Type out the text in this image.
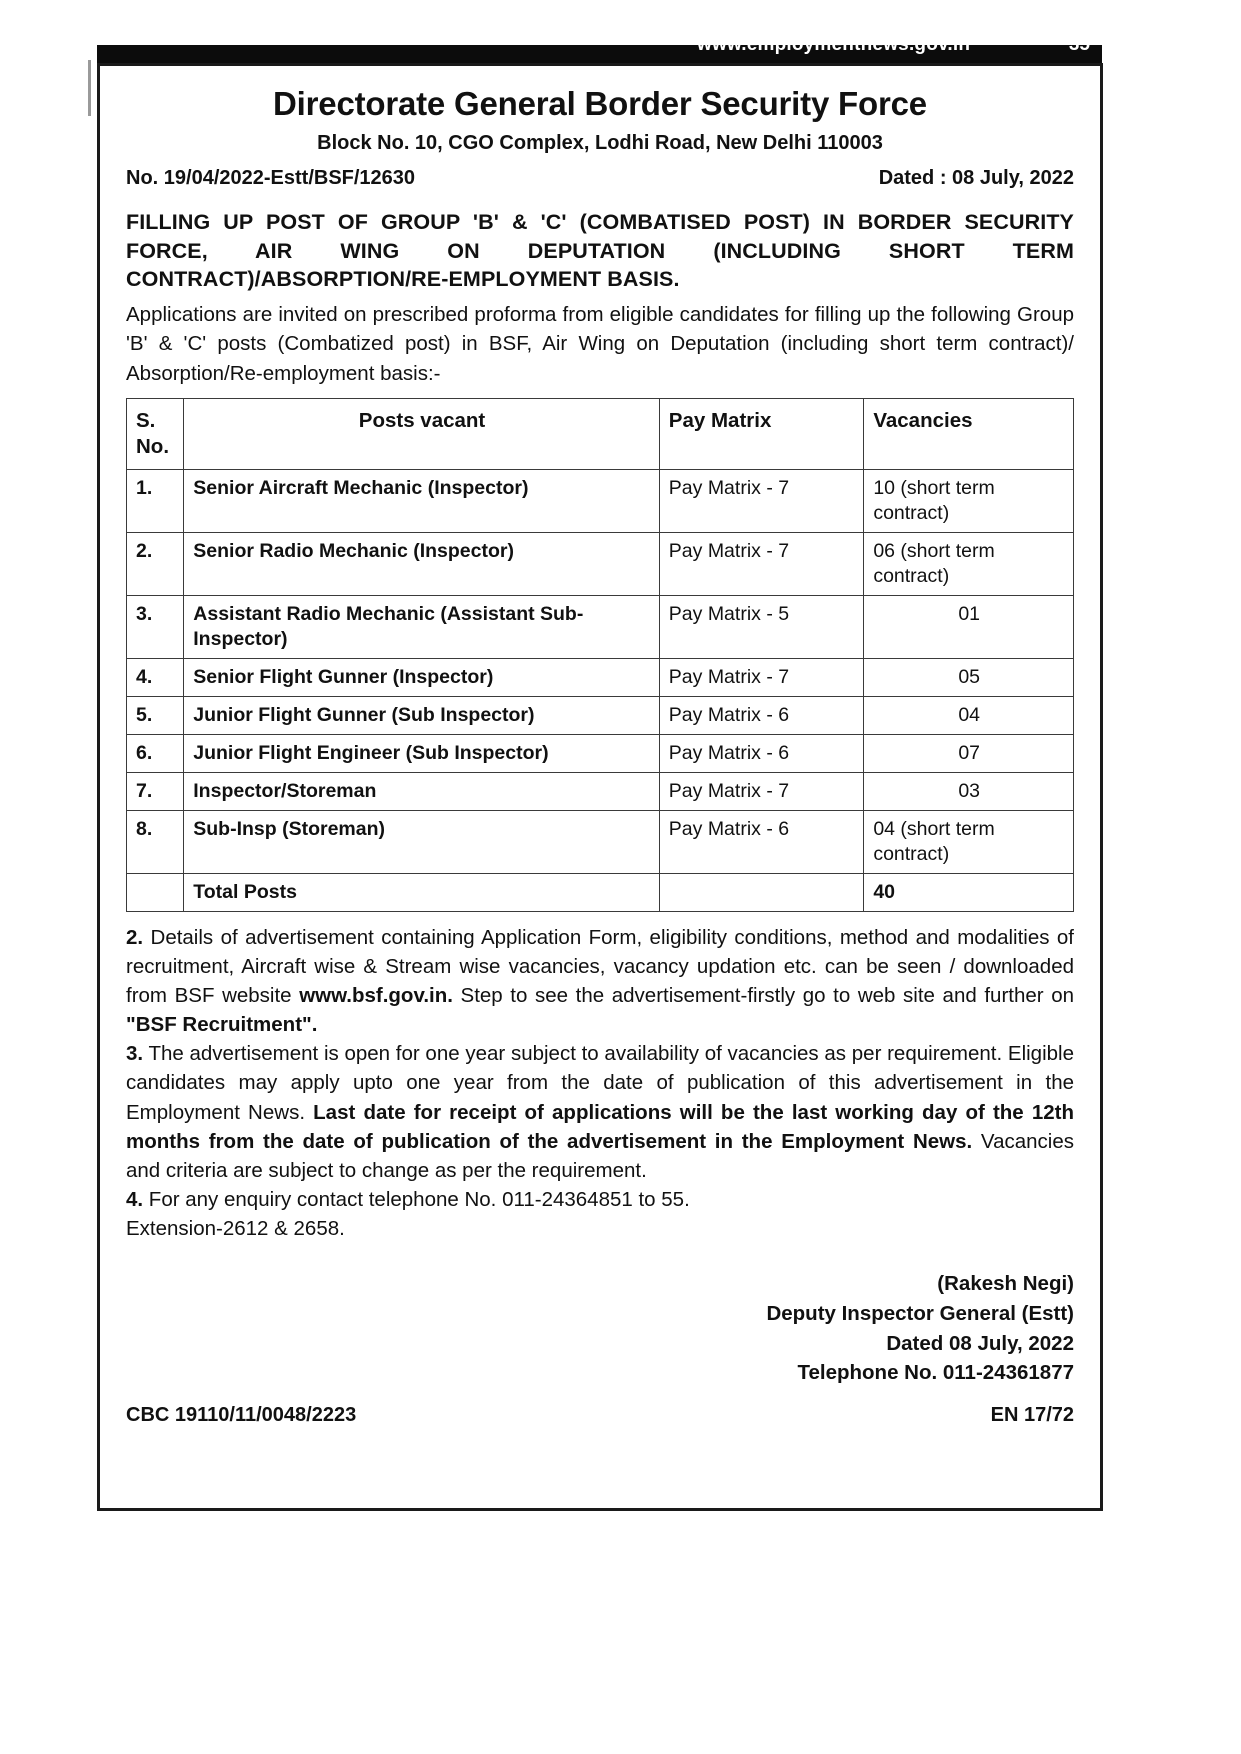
www.employmentnews.gov.in	35
Directorate General Border Security Force
Block No. 10, CGO Complex, Lodhi Road, New Delhi 110003
No. 19/04/2022-Estt/BSF/12630	Dated : 08 July, 2022
FILLING UP POST OF GROUP 'B' & 'C' (COMBATISED POST) IN BORDER SECURITY FORCE, AIR WING ON DEPUTATION (INCLUDING SHORT TERM CONTRACT)/ABSORPTION/RE-EMPLOYMENT BASIS.
Applications are invited on prescribed proforma from eligible candidates for filling up the following Group 'B' & 'C' posts (Combatized post) in BSF, Air Wing on Deputation (including short term contract)/ Absorption/Re-employment basis:-
S.
No.	Posts vacant	Pay Matrix	Vacancies
1.	Senior Aircraft Mechanic (Inspector)	Pay Matrix - 7	10 (short term contract)
2.	Senior Radio Mechanic (Inspector)	Pay Matrix - 7	06 (short term contract)
3.	Assistant Radio Mechanic (Assistant Sub-Inspector)	Pay Matrix - 5	01
4.	Senior Flight Gunner (Inspector)	Pay Matrix - 7	05
5.	Junior Flight Gunner (Sub Inspector)	Pay Matrix - 6	04
6.	Junior Flight Engineer (Sub Inspector)	Pay Matrix - 6	07
7.	Inspector/Storeman	Pay Matrix - 7	03
8.	Sub-Insp (Storeman)	Pay Matrix - 6	04 (short term contract)
	Total Posts		40

2. Details of advertisement containing Application Form, eligibility conditions, method and modalities of recruitment, Aircraft wise & Stream wise vacancies, vacancy updation etc. can be seen / downloaded from BSF website www.bsf.gov.in. Step to see the advertisement-firstly go to web site and further on "BSF Recruitment".

3. The advertisement is open for one year subject to availability of vacancies as per requirement. Eligible candidates may apply upto one year from the date of publication of this advertisement in the Employment News. Last date for receipt of applications will be the last working day of the 12th months from the date of publication of the advertisement in the Employment News. Vacancies and criteria are subject to change as per the requirement.

4. For any enquiry contact telephone No. 011-24364851 to 55.

Extension-2612 & 2658.

(Rakesh Negi)
Deputy Inspector General (Estt)
Dated 08 July, 2022
Telephone No. 011-24361877
CBC 19110/11/0048/2223	EN 17/72
